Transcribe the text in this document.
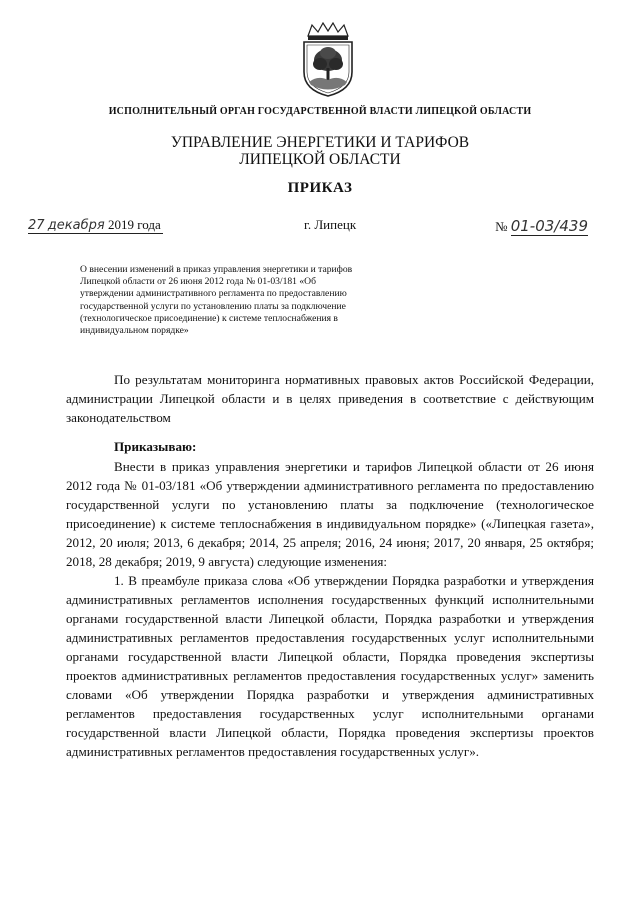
ИСПОЛНИТЕЛЬНЫЙ ОРГАН ГОСУДАРСТВЕННОЙ ВЛАСТИ ЛИПЕЦКОЙ ОБЛАСТИ
УПРАВЛЕНИЕ ЭНЕРГЕТИКИ И ТАРИФОВ
ЛИПЕЦКОЙ ОБЛАСТИ
ПРИКАЗ
27 декабря 2019 года	г. Липецк	№ 01-03/439

О внесении изменений в приказ управления энергетики и тарифов Липецкой области от 26 июня 2012 года № 01-03/181 «Об утверждении административного регламента по предоставлению государственной услуги по установлению платы за подключение (технологическое присоединение) к системе теплоснабжения в индивидуальном порядке»

По результатам мониторинга нормативных правовых актов Российской Федерации, администрации Липецкой области и в целях приведения в соответствие с действующим законодательством

Приказываю:

Внести в приказ управления энергетики и тарифов Липецкой области от 26 июня 2012 года № 01-03/181 «Об утверждении административного регламента по предоставлению государственной услуги по установлению платы за подключение (технологическое присоединение) к системе теплоснабжения в индивидуальном порядке» («Липецкая газета», 2012, 20 июля; 2013, 6 декабря; 2014, 25 апреля; 2016, 24 июня; 2017, 20 января, 25 октября; 2018, 28 декабря; 2019, 9 августа) следующие изменения:

1. В преамбуле приказа слова «Об утверждении Порядка разработки и утверждения административных регламентов исполнения государственных функций исполнительными органами государственной власти Липецкой области, Порядка разработки и утверждения административных регламентов предоставления государственных услуг исполнительными органами государственной власти Липецкой области, Порядка проведения экспертизы проектов административных регламентов предоставления государственных услуг» заменить словами «Об утверждении Порядка разработки и утверждения административных регламентов предоставления государственных услуг исполнительными органами государственной власти Липецкой области, Порядка проведения экспертизы проектов административных регламентов предоставления государственных услуг».
